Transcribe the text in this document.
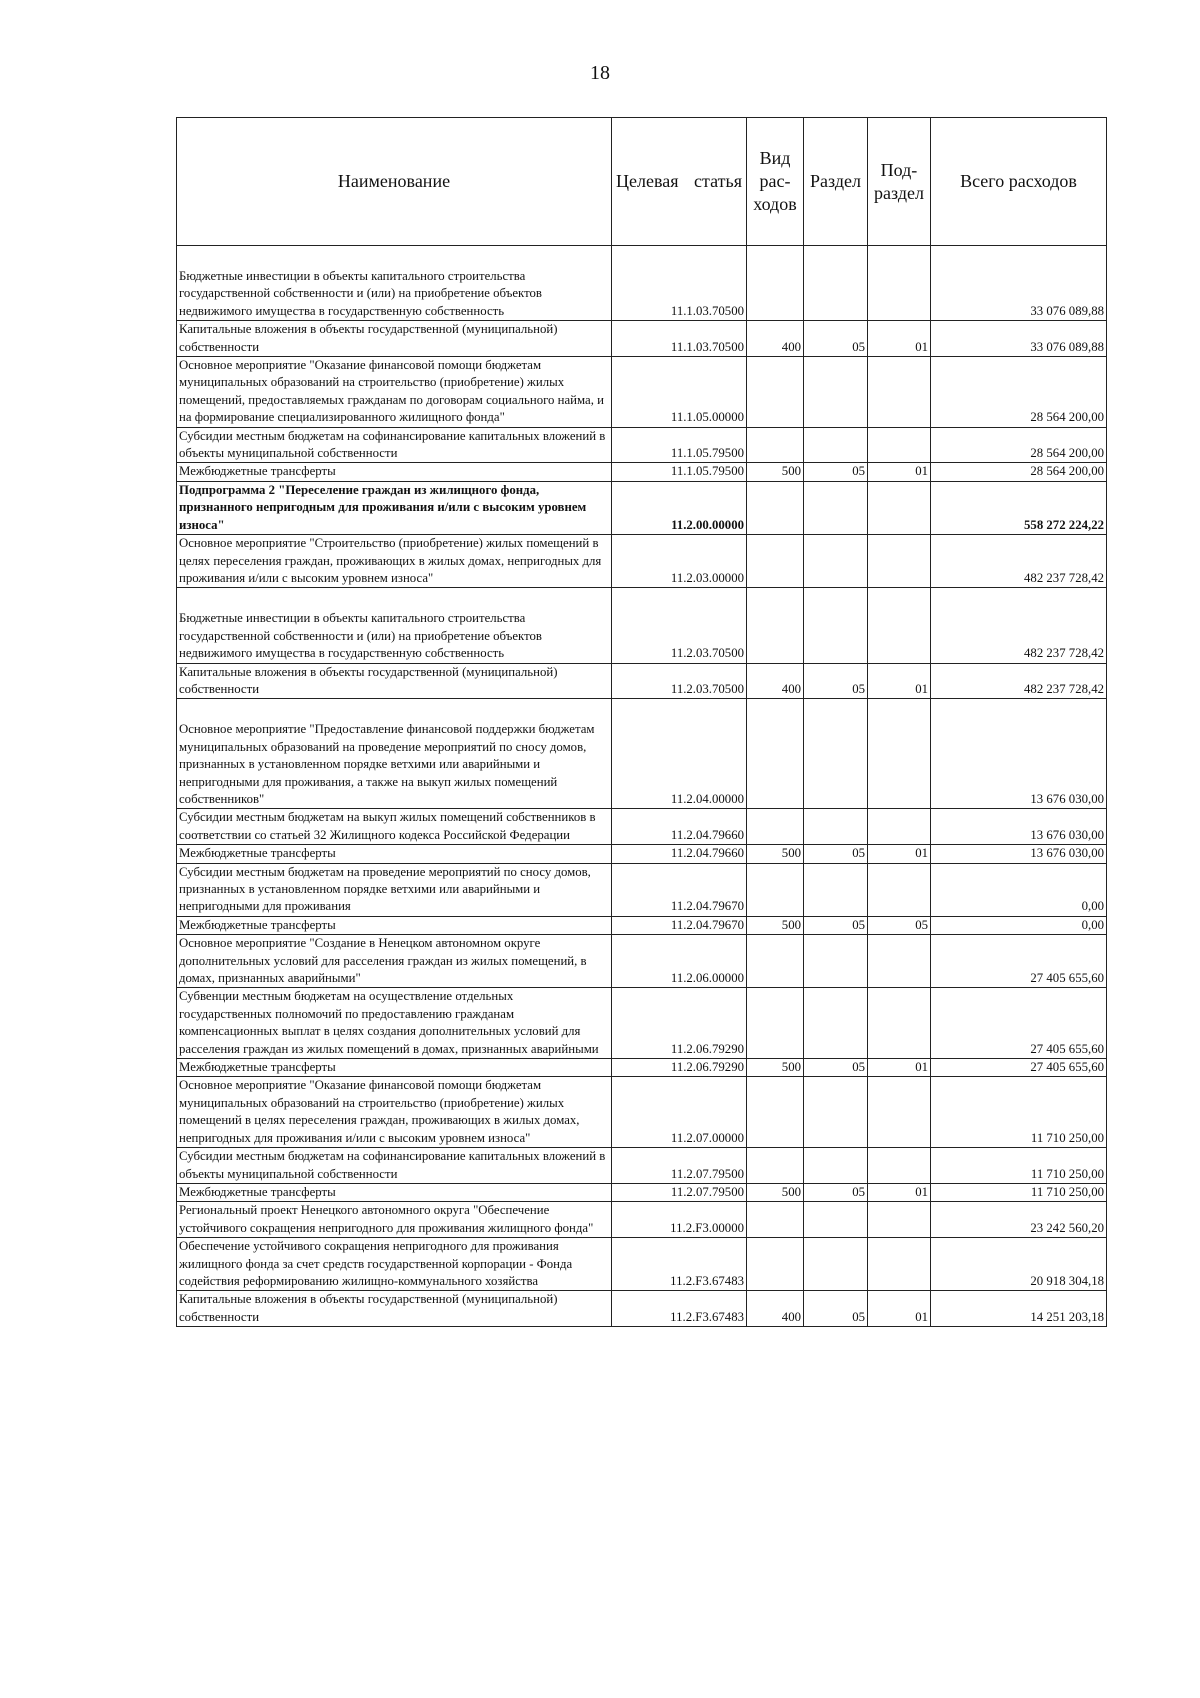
18
Наименование	Целевая статья	Вид рас- ходов	Раздел	Под- раздел	Всего расходов
Бюджетные инвестиции в объекты капитального строительства государственной собственности и (или) на приобретение объектов недвижимого имущества в государственную собственность	11.1.03.70500				33 076 089,88
Капитальные вложения в объекты государственной (муниципальной) собственности	11.1.03.70500	400	05	01	33 076 089,88
Основное мероприятие "Оказание финансовой помощи бюджетам муниципальных образований на строительство (приобретение) жилых помещений, предоставляемых гражданам по договорам социального найма, и на формирование специализированного жилищного фонда"	11.1.05.00000				28 564 200,00
Субсидии местным бюджетам на софинансирование капитальных вложений в объекты муниципальной собственности	11.1.05.79500				28 564 200,00
Межбюджетные трансферты	11.1.05.79500	500	05	01	28 564 200,00
Подпрограмма 2 "Переселение граждан из жилищного фонда, признанного непригодным для проживания и/или с высоким уровнем износа"	11.2.00.00000				558 272 224,22
Основное мероприятие "Строительство (приобретение) жилых помещений в целях переселения граждан, проживающих в жилых домах, непригодных для проживания и/или с высоким уровнем износа"	11.2.03.00000				482 237 728,42
Бюджетные инвестиции в объекты капитального строительства государственной собственности и (или) на приобретение объектов недвижимого имущества в государственную собственность	11.2.03.70500				482 237 728,42
Капитальные вложения в объекты государственной (муниципальной) собственности	11.2.03.70500	400	05	01	482 237 728,42
Основное мероприятие "Предоставление финансовой поддержки бюджетам муниципальных образований на проведение мероприятий по сносу домов, признанных в установленном порядке ветхими или аварийными и непригодными для проживания, а также на выкуп жилых помещений собственников"	11.2.04.00000				13 676 030,00
Субсидии местным бюджетам на выкуп жилых помещений собственников в соответствии со статьей 32 Жилищного кодекса Российской Федерации	11.2.04.79660				13 676 030,00
Межбюджетные трансферты	11.2.04.79660	500	05	01	13 676 030,00
Субсидии местным бюджетам на проведение мероприятий по сносу домов, признанных в установленном порядке ветхими или аварийными и непригодными для проживания	11.2.04.79670				0,00
Межбюджетные трансферты	11.2.04.79670	500	05	05	0,00
Основное мероприятие "Создание в Ненецком автономном округе дополнительных условий для расселения граждан из жилых помещений, в домах, признанных аварийными"	11.2.06.00000				27 405 655,60
Субвенции местным бюджетам на осуществление отдельных государственных полномочий по предоставлению гражданам компенсационных выплат в целях создания дополнительных условий для расселения граждан из жилых помещений в домах, признанных аварийными	11.2.06.79290				27 405 655,60
Межбюджетные трансферты	11.2.06.79290	500	05	01	27 405 655,60
Основное мероприятие "Оказание финансовой помощи бюджетам муниципальных образований на строительство (приобретение) жилых помещений в целях переселения граждан, проживающих в жилых домах, непригодных для проживания и/или с высоким уровнем износа"	11.2.07.00000				11 710 250,00
Субсидии местным бюджетам на софинансирование капитальных вложений в объекты муниципальной собственности	11.2.07.79500				11 710 250,00
Межбюджетные трансферты	11.2.07.79500	500	05	01	11 710 250,00
Региональный проект Ненецкого автономного округа "Обеспечение устойчивого сокращения непригодного для проживания жилищного фонда"	11.2.F3.00000				23 242 560,20
Обеспечение устойчивого сокращения непригодного для проживания жилищного фонда за счет средств государственной корпорации - Фонда содействия реформированию жилищно-коммунального хозяйства	11.2.F3.67483				20 918 304,18
Капитальные вложения в объекты государственной (муниципальной) собственности	11.2.F3.67483	400	05	01	14 251 203,18
